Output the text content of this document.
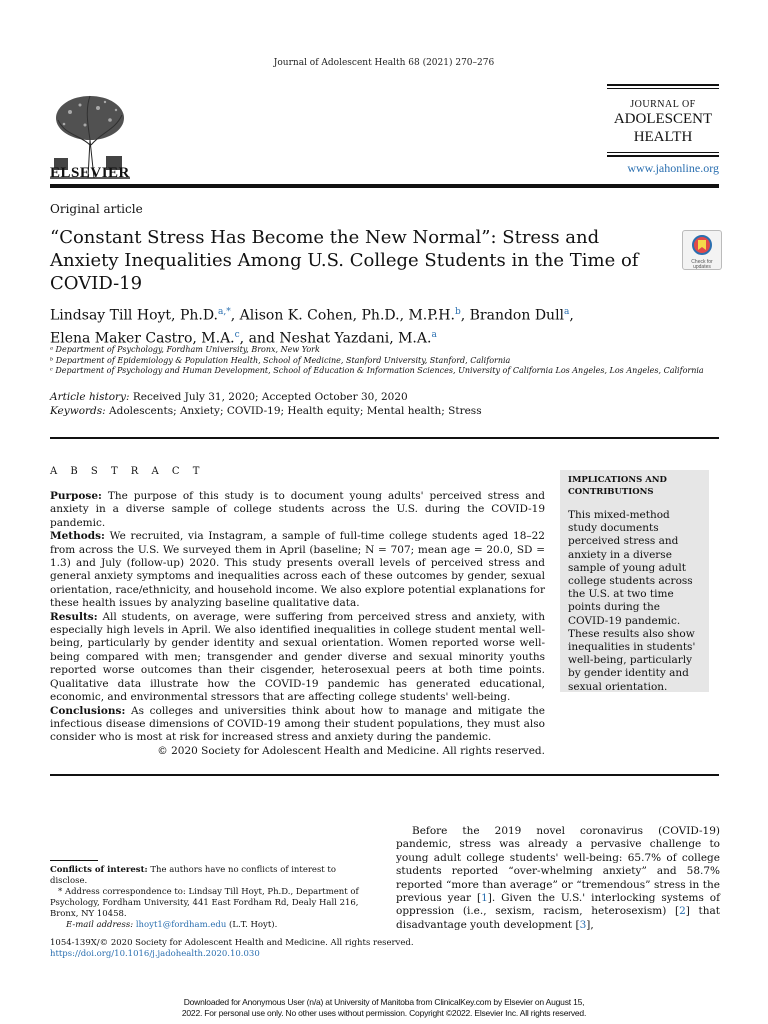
Journal of Adolescent Health 68 (2021) 270–276
ELSEVIER
JOURNAL OF
ADOLESCENT
HEALTH
www.jahonline.org
Original article
“Constant Stress Has Become the New Normal”: Stress and Anxiety Inequalities Among U.S. College Students in the Time of COVID-19
Check for updates
Lindsay Till Hoyt, Ph.D.$^{a,*}$, Alison K. Cohen, Ph.D., M.P.H.$^b$, Brandon Dull$^a$,
Elena Maker Castro, M.A.$^c$, and Neshat Yazdani, M.A.$^a$
ᵃ Department of Psychology, Fordham University, Bronx, New York
ᵇ Department of Epidemiology & Population Health, School of Medicine, Stanford University, Stanford, California
ᶜ Department of Psychology and Human Development, School of Education & Information Sciences, University of California Los Angeles, Los Angeles, California
Article history: Received July 31, 2020; Accepted October 30, 2020
Keywords: Adolescents; Anxiety; COVID-19; Health equity; Mental health; Stress
A B S T R A C T
Purpose: The purpose of this study is to document young adults' perceived stress and anxiety in a diverse sample of college students across the U.S. during the COVID-19 pandemic.
Methods: We recruited, via Instagram, a sample of full-time college students aged 18–22 from across the U.S. We surveyed them in April (baseline; N = 707; mean age = 20.0, SD = 1.3) and July (follow-up) 2020. This study presents overall levels of perceived stress and general anxiety symptoms and inequalities across each of these outcomes by gender, sexual orientation, race/ethnicity, and household income. We also explore potential explanations for these health issues by analyzing baseline qualitative data.
Results: All students, on average, were suffering from perceived stress and anxiety, with especially high levels in April. We also identified inequalities in college student mental well-being, particularly by gender identity and sexual orientation. Women reported worse well-being compared with men; transgender and gender diverse and sexual minority youths reported worse outcomes than their cisgender, heterosexual peers at both time points. Qualitative data illustrate how the COVID-19 pandemic has generated educational, economic, and environmental stressors that are affecting college students' well-being.
Conclusions: As colleges and universities think about how to manage and mitigate the infectious disease dimensions of COVID-19 among their student populations, they must also consider who is most at risk for increased stress and anxiety during the pandemic.
© 2020 Society for Adolescent Health and Medicine. All rights reserved.
IMPLICATIONS AND CONTRIBUTIONS
This mixed-method study documents perceived stress and anxiety in a diverse sample of young adult college students across the U.S. at two time points during the COVID-19 pandemic. These results also show inequalities in students' well-being, particularly by gender identity and sexual orientation.
Before the 2019 novel coronavirus (COVID-19) pandemic, stress was already a pervasive challenge to young adult college students' well-being: 65.7% of college students reported “over-whelming anxiety” and 58.7% reported “more than average” or “tremendous” stress in the previous year [1]. Given the U.S.' interlocking systems of oppression (i.e., sexism, racism, heterosexism) [2] that disadvantage youth development [3],
Conflicts of interest: The authors have no conflicts of interest to disclose.
* Address correspondence to: Lindsay Till Hoyt, Ph.D., Department of Psychology, Fordham University, 441 East Fordham Rd, Dealy Hall 216, Bronx, NY 10458.
E-mail address: lhoyt1@fordham.edu (L.T. Hoyt).
1054-139X/© 2020 Society for Adolescent Health and Medicine. All rights reserved.
https://doi.org/10.1016/j.jadohealth.2020.10.030
Downloaded for Anonymous User (n/a) at University of Manitoba from ClinicalKey.com by Elsevier on August 15,
2022. For personal use only. No other uses without permission. Copyright ©2022. Elsevier Inc. All rights reserved.
